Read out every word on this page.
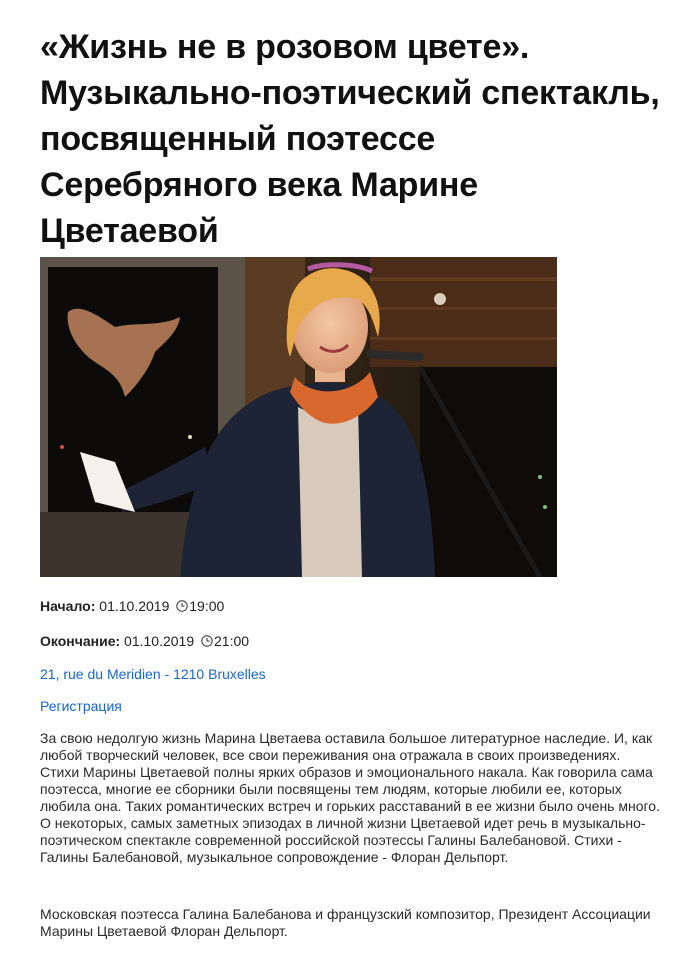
«Жизнь не в розовом цвете». Музыкально-поэтический спектакль, посвященный поэтессе Серебряного века Марине Цветаевой
Начало: 01.10.2019 19:00
Окончание: 01.10.2019 21:00
21, rue du Meridien - 1210 Bruxelles
Регистрация

За свою недолгую жизнь Марина Цветаева оставила большое литературное наследие. И, как любой творческий человек, все свои переживания она отражала в своих произведениях. Стихи Марины Цветаевой полны ярких образов и эмоционального накала. Как говорила сама поэтесса, многие ее сборники были посвящены тем людям, которые любили ее, которых любила она. Таких романтических встреч и горьких расставаний в ее жизни было очень много. О некоторых, самых заметных эпизодах в личной жизни Цветаевой идет речь в музыкально-поэтическом спектакле современной российской поэтессы Галины Балебановой. Стихи - Галины Балебановой, музыкальное сопровождение - Флоран Дельпорт.

Московская поэтесса Галина Балебанова и французский композитор, Президент Ассоциации Марины Цветаевой Флоран Дельпорт.
